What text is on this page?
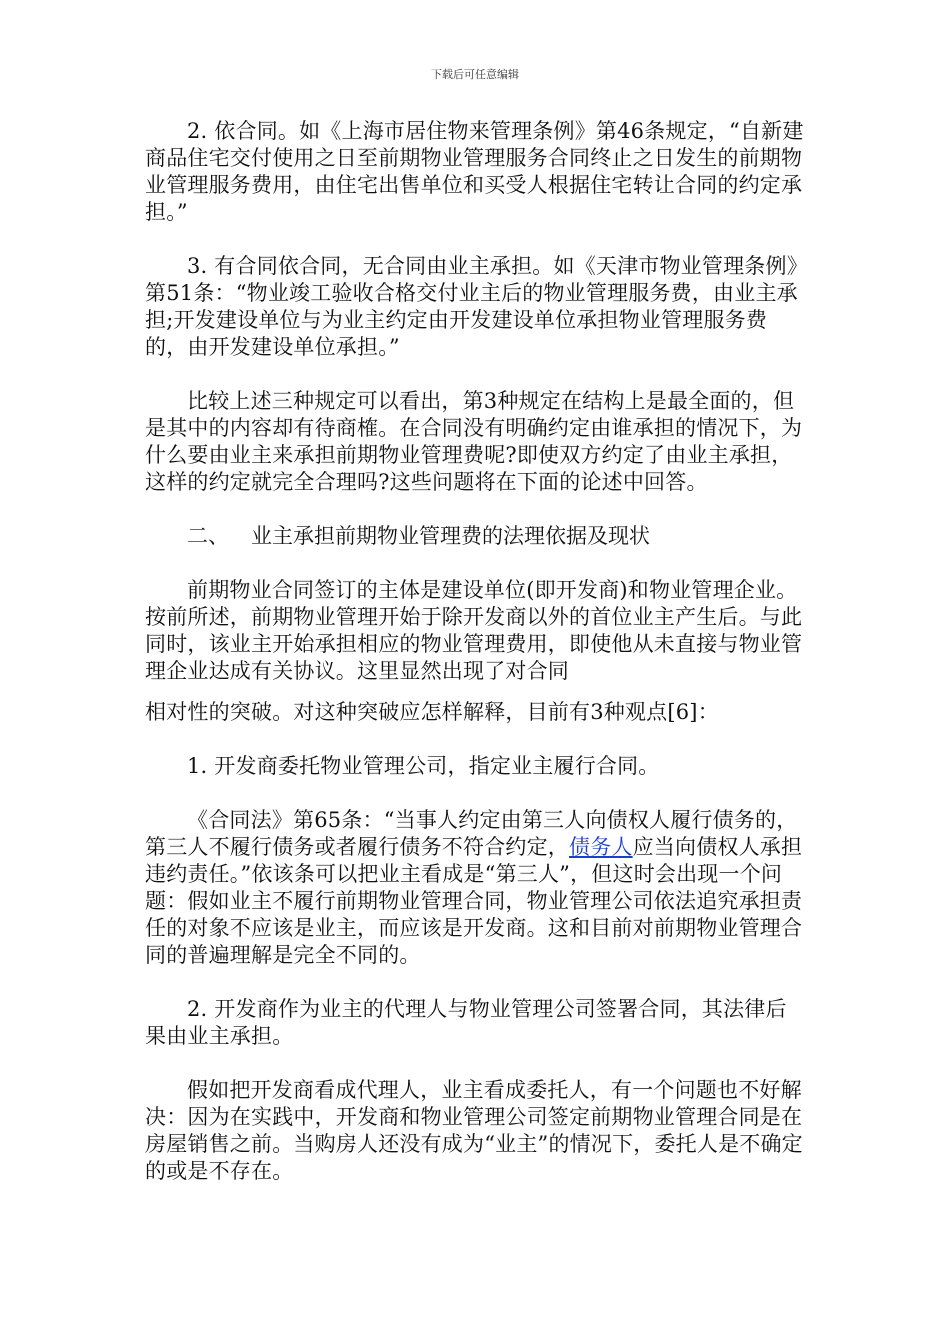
下载后可任意编辑

2. 依合同。如《上海市居住物来管理条例》第46条规定，“自新建商品住宅交付使用之日至前期物业管理服务合同终止之日发生的前期物业管理服务费用，由住宅出售单位和买受人根据住宅转让合同的约定承担。”

3. 有合同依合同，无合同由业主承担。如《天津市物业管理条例》第51条：“物业竣工验收合格交付业主后的物业管理服务费，由业主承担;开发建设单位与为业主约定由开发建设单位承担物业管理服务费的，由开发建设单位承担。”

比较上述三种规定可以看出，第3种规定在结构上是最全面的，但是其中的内容却有待商榷。在合同没有明确约定由谁承担的情况下，为什么要由业主来承担前期物业管理费呢?即使双方约定了由业主承担，这样的约定就完全合理吗?这些问题将在下面的论述中回答。

二、 业主承担前期物业管理费的法理依据及现状

前期物业合同签订的主体是建设单位(即开发商)和物业管理企业。按前所述，前期物业管理开始于除开发商以外的首位业主产生后。与此同时，该业主开始承担相应的物业管理费用，即使他从未直接与物业管理企业达成有关协议。这里显然出现了对合同

相对性的突破。对这种突破应怎样解释，目前有3种观点[6]：

1. 开发商委托物业管理公司，指定业主履行合同。

《合同法》第65条：“当事人约定由第三人向债权人履行债务的，第三人不履行债务或者履行债务不符合约定，债务人应当向债权人承担违约责任。”依该条可以把业主看成是“第三人”，但这时会出现一个问题：假如业主不履行前期物业管理合同，物业管理公司依法追究承担责任的对象不应该是业主，而应该是开发商。这和目前对前期物业管理合同的普遍理解是完全不同的。

2. 开发商作为业主的代理人与物业管理公司签署合同，其法律后果由业主承担。

假如把开发商看成代理人，业主看成委托人，有一个问题也不好解决：因为在实践中，开发商和物业管理公司签定前期物业管理合同是在房屋销售之前。当购房人还没有成为“业主”的情况下，委托人是不确定的或是不存在。
